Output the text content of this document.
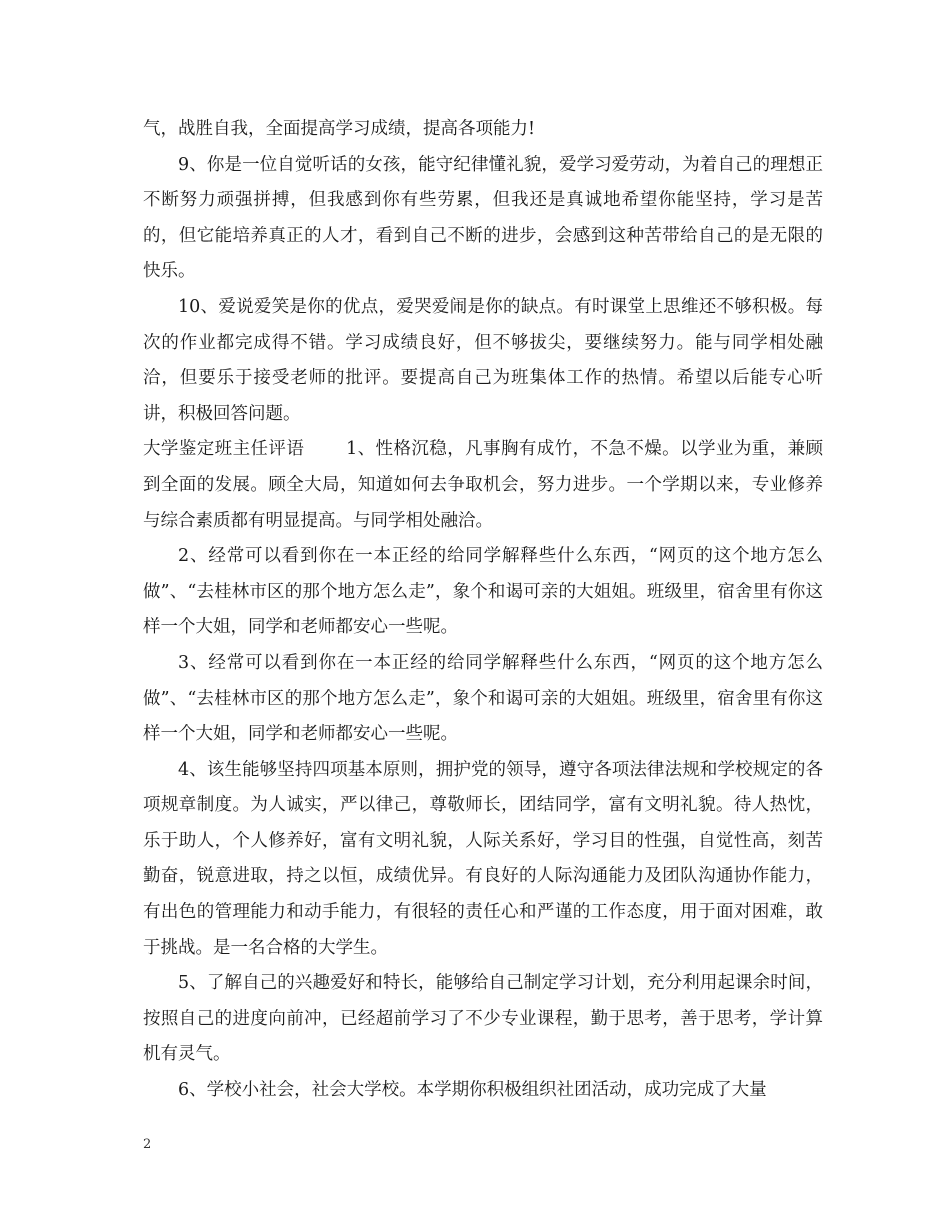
气，战胜自我，全面提高学习成绩，提高各项能力!

9、你是一位自觉听话的女孩，能守纪律懂礼貌，爱学习爱劳动，为着自己的理想正不断努力顽强拼搏，但我感到你有些劳累，但我还是真诚地希望你能坚持，学习是苦的，但它能培养真正的人才，看到自己不断的进步，会感到这种苦带给自己的是无限的快乐。

10、爱说爱笑是你的优点，爱哭爱闹是你的缺点。有时课堂上思维还不够积极。每次的作业都完成得不错。学习成绩良好，但不够拔尖，要继续努力。能与同学相处融洽，但要乐于接受老师的批评。要提高自己为班集体工作的热情。希望以后能专心听讲，积极回答问题。

大学鉴定班主任评语 1、性格沉稳，凡事胸有成竹，不急不燥。以学业为重，兼顾到全面的发展。顾全大局，知道如何去争取机会，努力进步。一个学期以来，专业修养与综合素质都有明显提高。与同学相处融洽。

2、经常可以看到你在一本正经的给同学解释些什么东西，“网页的这个地方怎么做”、“去桂林市区的那个地方怎么走”，象个和谒可亲的大姐姐。班级里，宿舍里有你这样一个大姐，同学和老师都安心一些呢。

3、经常可以看到你在一本正经的给同学解释些什么东西，“网页的这个地方怎么做”、“去桂林市区的那个地方怎么走”，象个和谒可亲的大姐姐。班级里，宿舍里有你这样一个大姐，同学和老师都安心一些呢。

4、该生能够坚持四项基本原则，拥护党的领导，遵守各项法律法规和学校规定的各项规章制度。为人诚实，严以律己，尊敬师长，团结同学，富有文明礼貌。待人热忱，乐于助人，个人修养好，富有文明礼貌，人际关系好，学习目的性强，自觉性高，刻苦勤奋，锐意进取，持之以恒，成绩优异。有良好的人际沟通能力及团队沟通协作能力，有出色的管理能力和动手能力，有很轻的责任心和严谨的工作态度，用于面对困难，敢于挑战。是一名合格的大学生。

5、了解自己的兴趣爱好和特长，能够给自己制定学习计划，充分利用起课余时间，按照自己的进度向前冲，已经超前学习了不少专业课程，勤于思考，善于思考，学计算机有灵气。

6、学校小社会，社会大学校。本学期你积极组织社团活动，成功完成了大量

2
